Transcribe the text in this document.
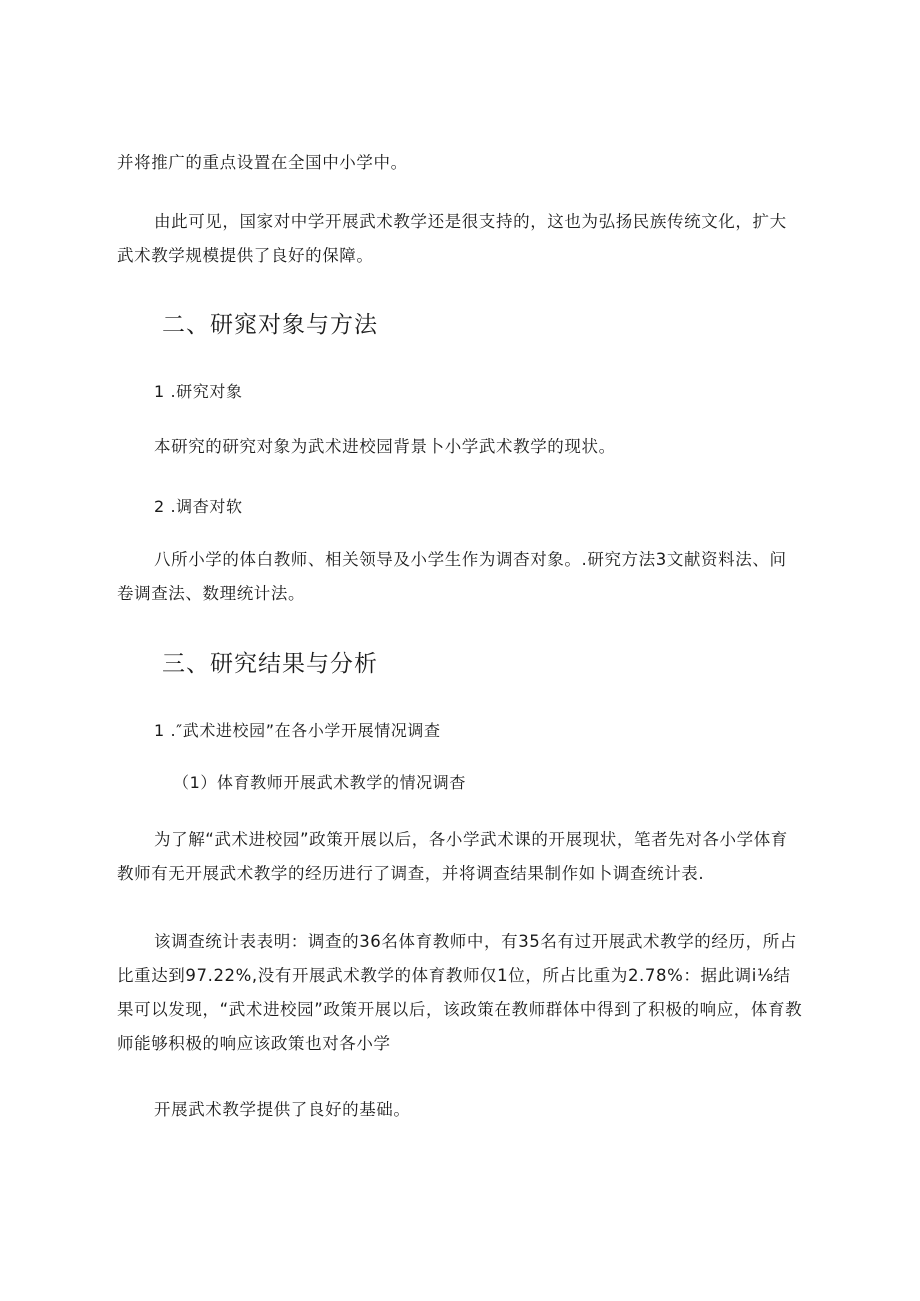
并将推广的重点设置在全国中小学中。

由此可见，国家对中学开展武术教学还是很支持的，这也为弘扬民族传统文化，扩大武术教学规模提供了良好的保障。

二、研窕对象与方法

1 .研究对象

本研究的研究对象为武术进校园背景卜小学武术教学的现状。

2 .调杳对软

八所小学的体白教师、相关领导及小学生作为调杳对象。.研究方法3文献资料法、问卷调查法、数理统计法。

三、研究结果与分析

1 .″武术进校园”在各小学开展情况调查

（1）体育教师开展武术教学的情况调杳

为了解“武术进校园”政策开展以后，各小学武术课的开展现状，笔者先对各小学体育教师有无开展武术教学的经历进行了调查，并将调查结果制作如卜调查统计表.

该调查统计表表明：调查的36名体育教师中，有35名有过开展武术教学的经历，所占比重达到97.22%,没有开展武术教学的体育教师仅1位，所占比重为2.78%：据此调i⅛结果可以发现，“武术进校园”政策开展以后，该政策在教师群体中得到了积极的响应，体育教师能够积极的响应该政策也对各小学

开展武术教学提供了良好的基础。
